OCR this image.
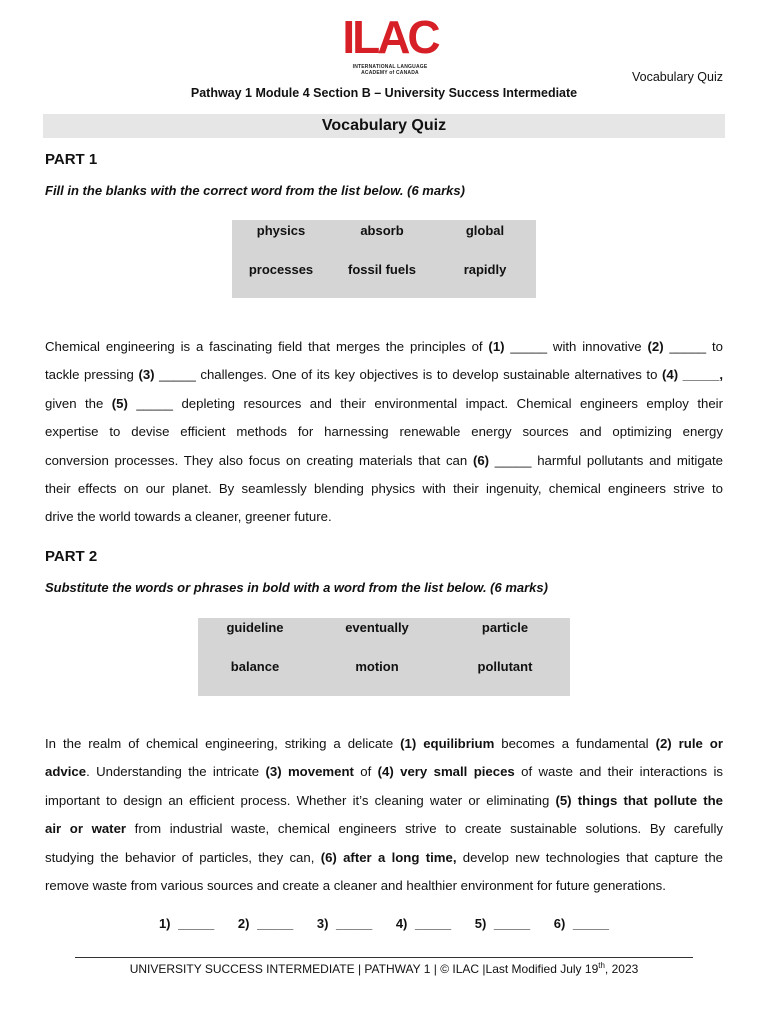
ILAC
INTERNATIONAL LANGUAGE
ACADEMY of CANADA	Vocabulary Quiz
Pathway 1 Module 4 Section B – University Success Intermediate
Vocabulary Quiz
PART 1
Fill in the blanks with the correct word from the list below. (6 marks)
physics	absorb	global
processes	fossil fuels	rapidly
Chemical engineering is a fascinating field that merges the principles of (1) _____ with innovative (2) _____ to
tackle pressing (3) _____ challenges. One of its key objectives is to develop sustainable alternatives to (4) _____,
given the (5) _____ depleting resources and their environmental impact. Chemical engineers employ their
expertise to devise efficient methods for harnessing renewable energy sources and optimizing energy
conversion processes. They also focus on creating materials that can (6) _____ harmful pollutants and mitigate
their effects on our planet. By seamlessly blending physics with their ingenuity, chemical engineers strive to
drive the world towards a cleaner, greener future.
PART 2
Substitute the words or phrases in bold with a word from the list below. (6 marks)
guideline	eventually	particle
balance	motion	pollutant
In the realm of chemical engineering, striking a delicate (1) equilibrium becomes a fundamental (2) rule or
advice. Understanding the intricate (3) movement of (4) very small pieces of waste and their interactions is
important to design an efficient process. Whether it’s cleaning water or eliminating (5) things that pollute the
air or water from industrial waste, chemical engineers strive to create sustainable solutions. By carefully
studying the behavior of particles, they can, (6) after a long time, develop new technologies that capture the
remove waste from various sources and create a cleaner and healthier environment for future generations.
1) _____ 2) _____ 3) _____ 4) _____ 5) _____ 6) _____
UNIVERSITY SUCCESS INTERMEDIATE | PATHWAY 1 | © ILAC |Last Modified July 19th, 2023
